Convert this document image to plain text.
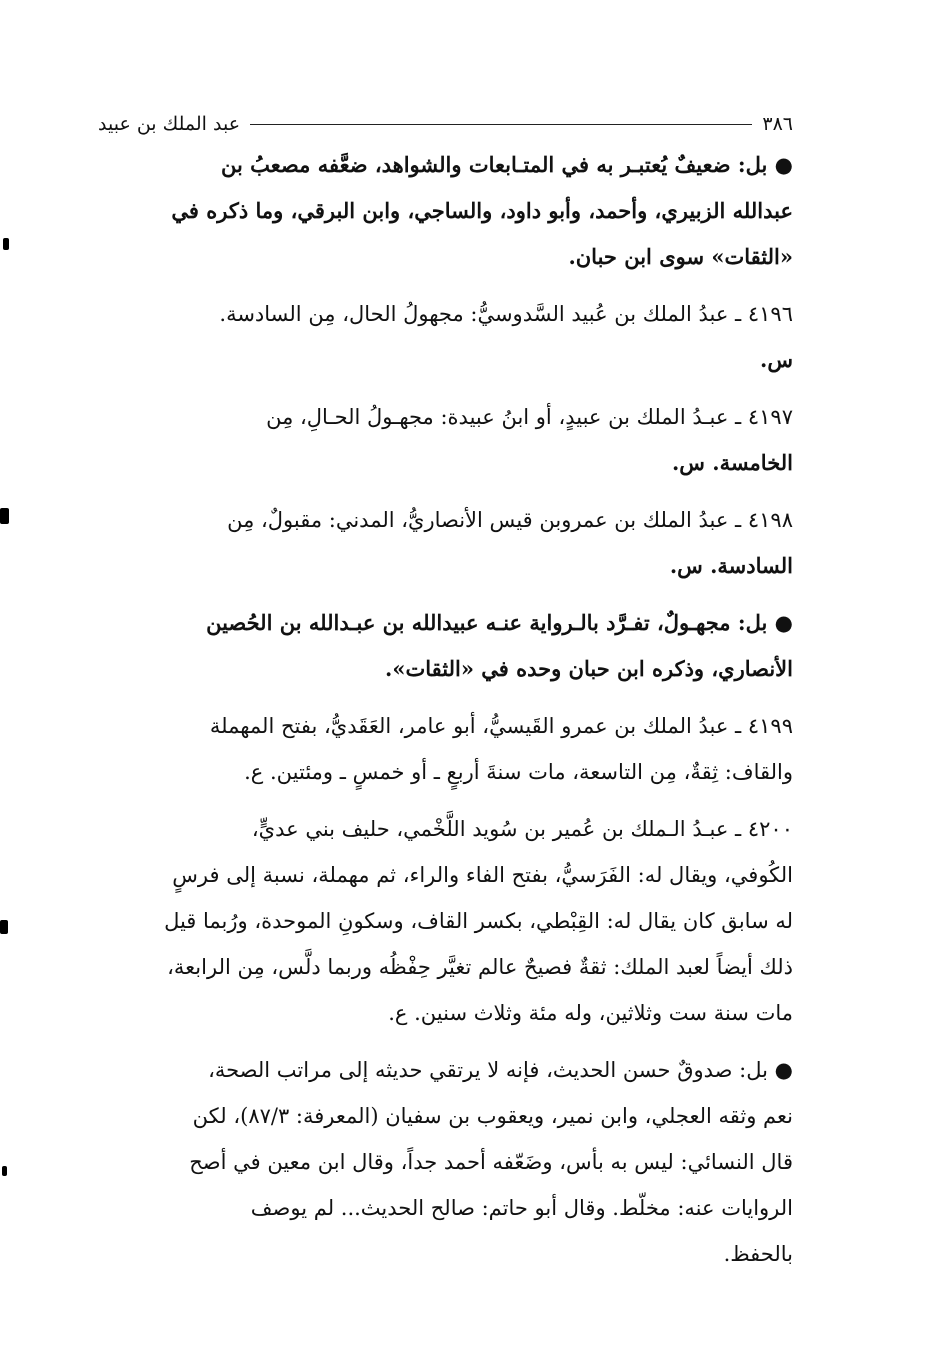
٣٨٦
عبد الملك بن عبيد
● بل: ضعيفٌ يُعتبـر به في المتـابعات والشواهد، ضعَّفه مصعبُ بن
عبدالله الزبيري، وأحمد، وأبو داود، والساجي، وابن البرقي، وما ذكره في
«الثقات» سوى ابن حبان.
٤١٩٦ ـ عبدُ الملك بن عُبيد السَّدوسيُّ: مجهولُ الحال، مِن السادسة.
س.
٤١٩٧ ـ عبـدُ الملك بن عبيدٍ، أو ابنُ عبيدة: مجهـولُ الحـالِ، مِن
الخامسة. س.
٤١٩٨ ـ عبدُ الملك بن عمروبن قيس الأنصاريُّ، المدني: مقبولٌ، مِن
السادسة. س.
● بل: مجهـولٌ، تفـرَّد بالـرواية عنـه عبيدالله بن عبـدالله بن الحُصين
الأنصاري، وذكره ابن حبان وحده في «الثقات».
٤١٩٩ ـ عبدُ الملك بن عمرو القَيسيُّ، أبو عامر، العَقَديُّ، بفتح المهملة
والقاف: ثِقةٌ، مِن التاسعة، مات سنةَ أربعٍ ـ أو خمسٍ ـ ومئتين. ع.
٤٢٠٠ ـ عبـدُ الـملك بن عُمير بن سُويد اللَّخْمي، حليف بني عديٍّ،
الكُوفي، ويقال له: الفَرَسيُّ، بفتح الفاء والراء، ثم مهملة، نسبة إلى فرسٍ
له سابق كان يقال له: القِبْطي، بكسر القاف، وسكونِ الموحدة، ورُبما قيل
ذلك أيضاً لعبد الملك: ثقةٌ فصيحٌ عالم تغيَّر حِفْظُه وربما دلَّس، مِن الرابعة،
مات سنة ست وثلاثين، وله مئة وثلاث سنين. ع.
● بل: صدوقٌ حسن الحديث، فإنه لا يرتقي حديثه إلى مراتب الصحة،
نعم وثقه العجلي، وابن نمير، ويعقوب بن سفيان (المعرفة: ٨٧/٣)، لكن
قال النسائي: ليس به بأس، وضَعّفه أحمد جداً، وقال ابن معين في أصح
الروايات عنه: مخلّط. وقال أبو حاتم: صالح الحديث... لم يوصف
بالحفظ.
